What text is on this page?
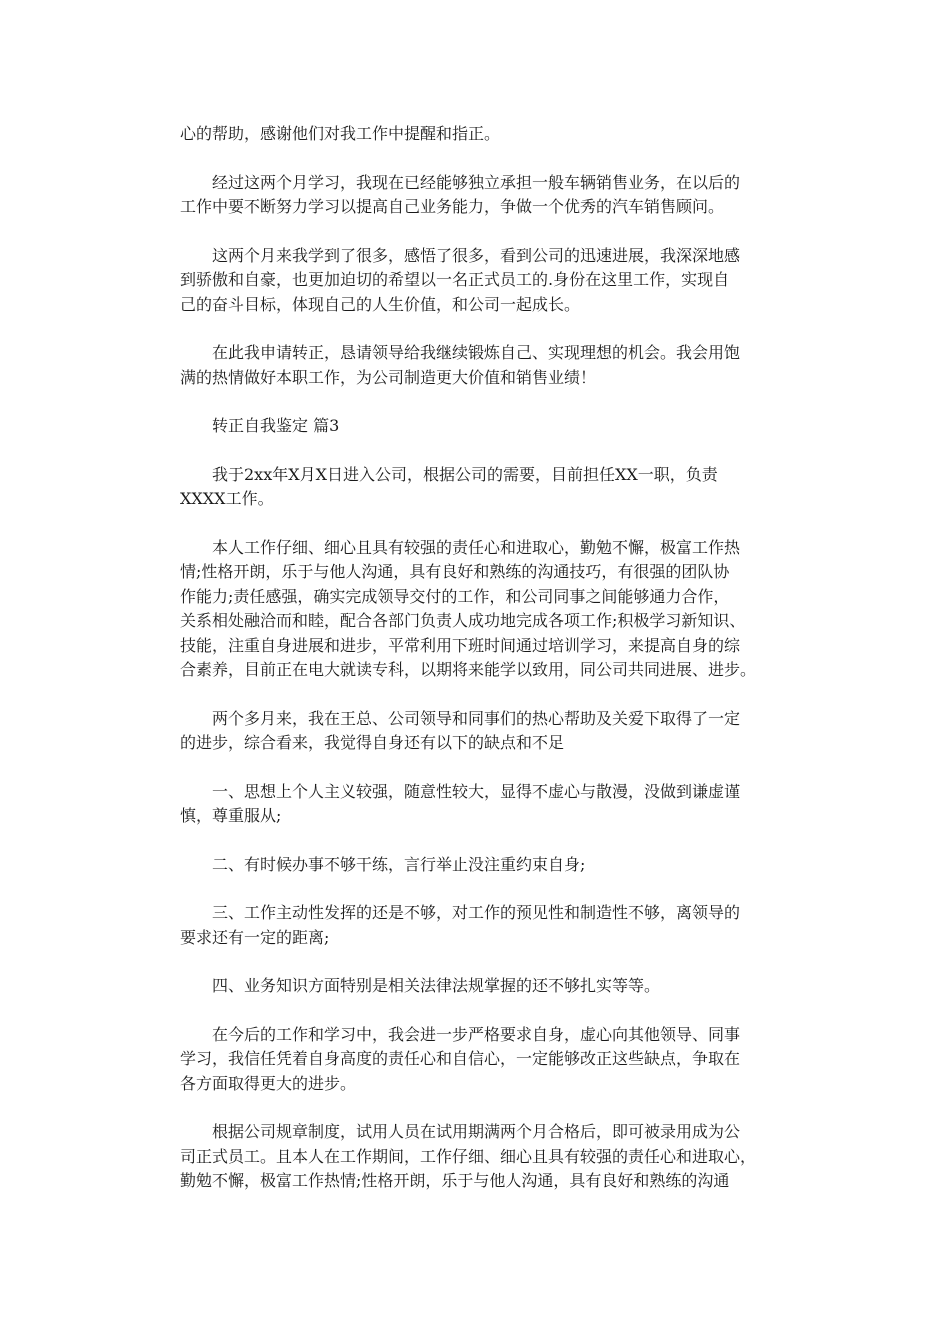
心的帮助，感谢他们对我工作中提醒和指正。

经过这两个月学习，我现在已经能够独立承担一般车辆销售业务，在以后的
工作中要不断努力学习以提高自己业务能力，争做一个优秀的汽车销售顾问。

这两个月来我学到了很多，感悟了很多，看到公司的迅速进展，我深深地感
到骄傲和自豪，也更加迫切的希望以一名正式员工的.身份在这里工作，实现自
己的奋斗目标，体现自己的人生价值，和公司一起成长。

在此我申请转正，恳请领导给我继续锻炼自己、实现理想的机会。我会用饱
满的热情做好本职工作，为公司制造更大价值和销售业绩！

转正自我鉴定 篇3

我于2xx年X月X日进入公司，根据公司的需要，目前担任XX一职，负责
XXXX工作。

本人工作仔细、细心且具有较强的责任心和进取心，勤勉不懈，极富工作热
情;性格开朗，乐于与他人沟通，具有良好和熟练的沟通技巧，有很强的团队协
作能力;责任感强，确实完成领导交付的工作，和公司同事之间能够通力合作，
关系相处融洽而和睦，配合各部门负责人成功地完成各项工作;积极学习新知识、
技能，注重自身进展和进步，平常利用下班时间通过培训学习，来提高自身的综
合素养，目前正在电大就读专科，以期将来能学以致用，同公司共同进展、进步。

两个多月来，我在王总、公司领导和同事们的热心帮助及关爱下取得了一定
的进步，综合看来，我觉得自身还有以下的缺点和不足

一、思想上个人主义较强，随意性较大，显得不虚心与散漫，没做到谦虚谨
慎，尊重服从;

二、有时候办事不够干练，言行举止没注重约束自身;

三、工作主动性发挥的还是不够，对工作的预见性和制造性不够，离领导的
要求还有一定的距离;

四、业务知识方面特别是相关法律法规掌握的还不够扎实等等。

在今后的工作和学习中，我会进一步严格要求自身，虚心向其他领导、同事
学习，我信任凭着自身高度的责任心和自信心，一定能够改正这些缺点，争取在
各方面取得更大的进步。

根据公司规章制度，试用人员在试用期满两个月合格后，即可被录用成为公
司正式员工。且本人在工作期间，工作仔细、细心且具有较强的责任心和进取心，
勤勉不懈，极富工作热情;性格开朗，乐于与他人沟通，具有良好和熟练的沟通
